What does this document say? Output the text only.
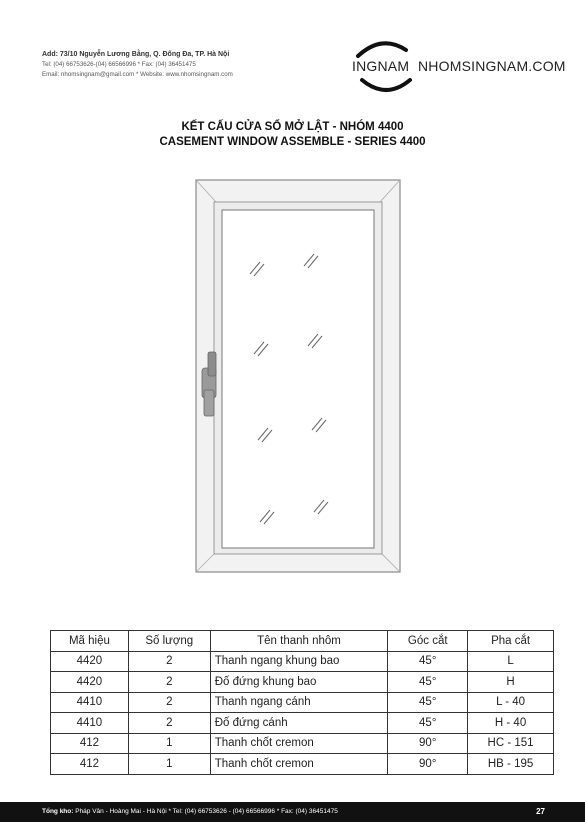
Add: 73/10 Nguyễn Lương Bằng, Q. Đống Đa, TP. Hà Nội
Tel: (04) 66753626-(04) 66566996 * Fax: (04) 36451475
Email: nhomsingnam@gmail.com * Website: www.nhomsingnam.com
INGNAM NHOMSINGNAM.COM
KẾT CẤU CỬA SỔ MỞ LẬT - NHÓM 4400
CASEMENT WINDOW ASSEMBLE - SERIES 4400
Mã hiệu	Số lượng	Tên thanh nhôm	Góc cắt	Pha cắt
4420	2	Thanh ngang khung bao	45°	L
4420	2	Đố đứng khung bao	45°	H
4410	2	Thanh ngang cánh	45°	L - 40
4410	2	Đố đứng cánh	45°	H - 40
412	1	Thanh chốt cremon	90°	HC - 151
412	1	Thanh chốt cremon	90°	HB - 195
Tổng kho: Pháp Vân - Hoàng Mai - Hà Nội * Tel: (04) 66753626 - (04) 66566996 * Fax: (04) 36451475	27
